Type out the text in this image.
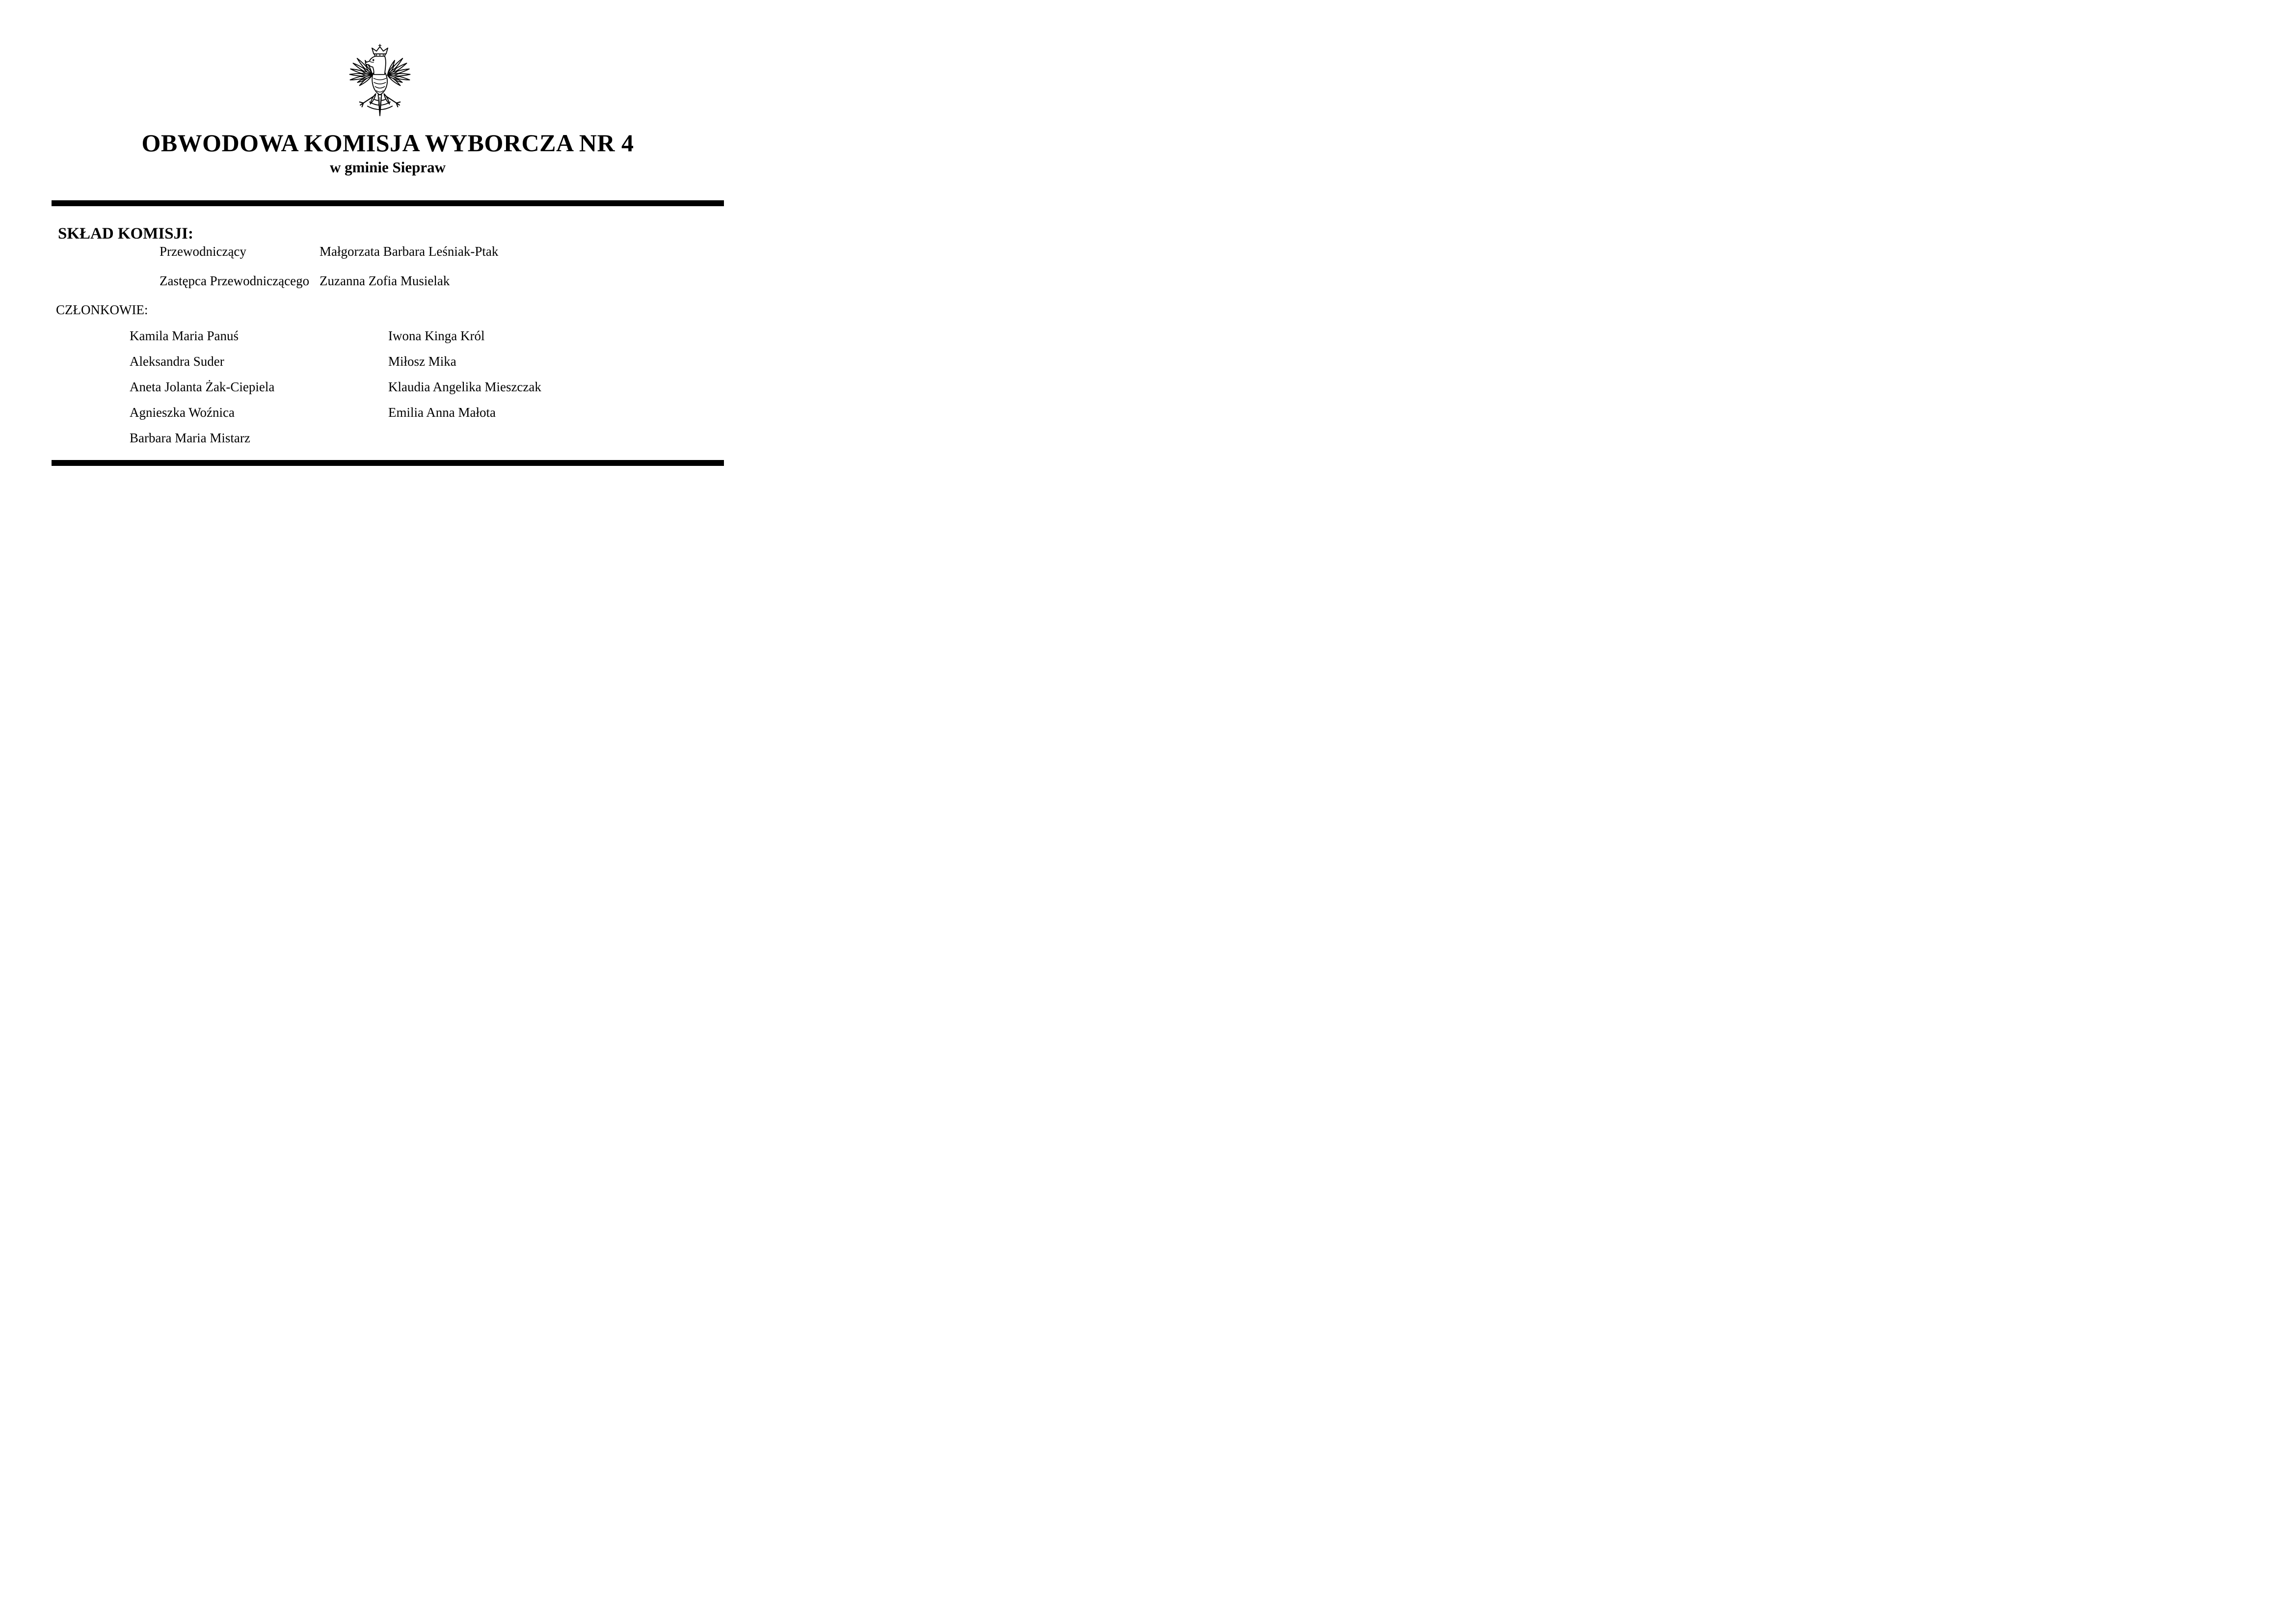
OBWODOWA KOMISJA WYBORCZA NR 4
w gminie Siepraw
SKŁAD KOMISJI:
Przewodniczący	Małgorzata Barbara Leśniak-Ptak
Zastępca Przewodniczącego Zuzanna Zofia Musielak
CZŁONKOWIE:
Kamila Maria Panuś
Aleksandra Suder
Aneta Jolanta Żak-Ciepiela
Agnieszka Woźnica
Barbara Maria Mistarz
Iwona Kinga Król
Miłosz Mika
Klaudia Angelika Mieszczak
Emilia Anna Małota
